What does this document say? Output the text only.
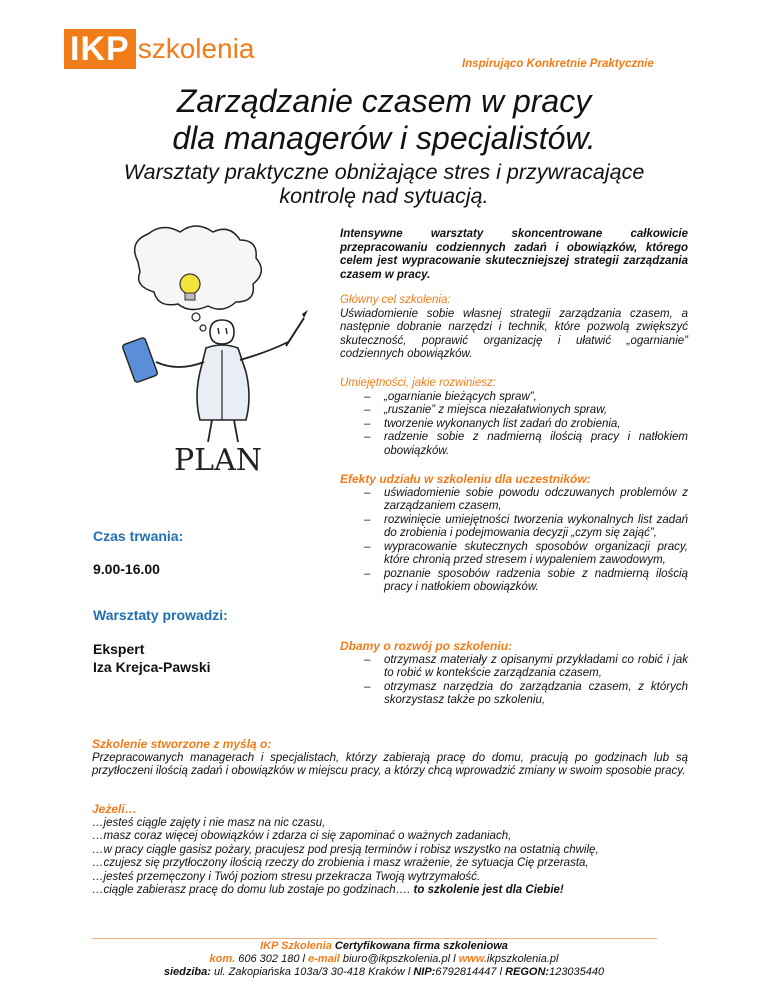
IKP szkolenia	Inspirująco Konkretnie Praktycznie
Zarządzanie czasem w pracy
dla managerów i specjalistów.
Warsztaty praktyczne obniżające stres i przywracające
kontrolę nad sytuacją.
PLAN
Intensywne warsztaty skoncentrowane całkowicie przepracowaniu codziennych zadań i obowiązków, którego celem jest wypracowanie skuteczniejszej strategii zarządzania czasem w pracy.
Główny cel szkolenia:
Uświadomienie sobie własnej strategii zarządzania czasem, a następnie dobranie narzędzi i technik, które pozwolą zwiększyć skuteczność, poprawić organizację i ułatwić „ogarnianie” codziennych obowiązków.
Umiejętności, jakie rozwiniesz:
– „ogarnianie bieżących spraw”,
– „ruszanie” z miejsca niezałatwionych spraw,
– tworzenie wykonanych list zadań do zrobienia,
– radzenie sobie z nadmierną ilością pracy i natłokiem obowiązków.
Efekty udziału w szkoleniu dla uczestników:
– uświadomienie sobie powodu odczuwanych problemów z zarządzaniem czasem,
– rozwinięcie umiejętności tworzenia wykonalnych list zadań do zrobienia i podejmowania decyzji „czym się zająć”,
– wypracowanie skutecznych sposobów organizacji pracy, które chronią przed stresem i wypaleniem zawodowym,
– poznanie sposobów radzenia sobie z nadmierną ilością pracy i natłokiem obowiązków.
Dbamy o rozwój po szkoleniu:
– otrzymasz materiały z opisanymi przykładami co robić i jak to robić w kontekście zarządzania czasem,
– otrzymasz narzędzia do zarządzania czasem, z których skorzystasz także po szkoleniu,
Czas trwania:
9.00-16.00
Warsztaty prowadzi:
Ekspert
Iza Krejca-Pawski
Szkolenie stworzone z myślą o:
Przepracowanych managerach i specjalistach, którzy zabierają pracę do domu, pracują po godzinach lub są przytłoczeni ilością zadań i obowiązków w miejscu pracy, a którzy chcą wprowadzić zmiany w swoim sposobie pracy.
Jeżeli…
…jesteś ciągle zajęty i nie masz na nic czasu,
…masz coraz więcej obowiązków i zdarza ci się zapominać o ważnych zadaniach,
…w pracy ciągle gasisz pożary, pracujesz pod presją terminów i robisz wszystko na ostatnią chwilę,
…czujesz się przytłoczony ilością rzeczy do zrobienia i masz wrażenie, że sytuacja Cię przerasta,
…jesteś przemęczony i Twój poziom stresu przekracza Twoją wytrzymałość.
…ciągle zabierasz pracę do domu lub zostaje po godzinach…. to szkolenie jest dla Ciebie!
IKP Szkolenia Certyfikowana firma szkoleniowa
kom. 606 302 180 l e-mail biuro@ikpszkolenia.pl l www.ikpszkolenia.pl
siedziba: ul. Zakopiańska 103a/3 30-418 Kraków l NIP:6792814447 l REGON:123035440
